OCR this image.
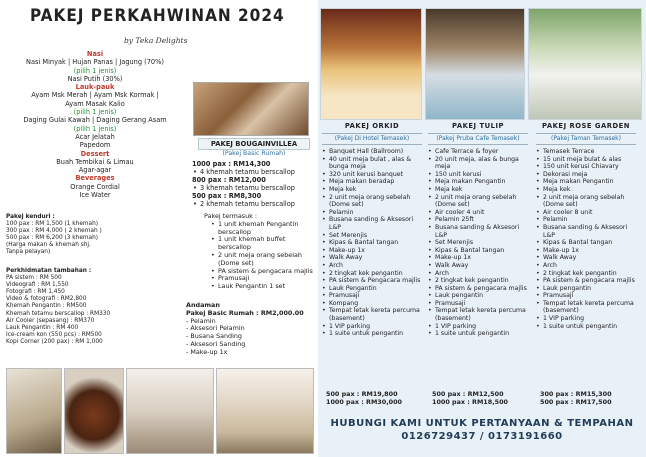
PAKEJ PERKAHWINAN 2024
by Teka Delights
Nasi
Nasi Minyak | Hujan Panas | Jagung (70%)
(pilih 1 jenis)
Nasi Putih (30%)
Lauk-pauk
Ayam Msk Merah | Ayam Msk Kormak |
Ayam Masak Kalio
(pilih 1 jenis)
Daging Gulai Kawah | Daging Gerang Asam
(pilih 1 jenis)
Acar Jelatah
Papedom
Dessert
Buah Tembikai & Limau
Agar-agar
Beverages
Orange Cordial
Ice Water
Pakej kenduri :
100 pax : RM 1,500 (1 khemah)
300 pax : RM 4,000 ( 2 khemah )
500 pax : RM 6,200 (3 khemah)
(Harga makan & khemah shj.
Tanpa pelayan)
Perkhidmatan tambahan :
PA sistem : RM 500
Videografi : RM 1,550
Fotografi : RM 1,450
Video & fotografi : RM2,800
Khemah Pengantin : RM500
Khemah tetamu berscallop : RM330
Air Cooler (sepasang) : RM370
Lauk Pengantin : RM 400
Ice-cream kon (550 pcs) : RM500
Kopi Corner (200 pax) : RM 1,000
PAKEJ BOUGAINVILLEA
(Pakej Basic Rumah)
1000 pax : RM14,300
• 4 khemah tetamu berscallop
800 pax : RM12,000
• 3 khemah tetamu berscallop
500 pax : RM8,300
• 2 khemah tetamu berscallop
Pakej termasuk :
• 1 unit khemah Pengantin berscallop
• 1 unit khemah buffet berscallop
• 2 unit meja orang sebelah (Dome set)
• PA sistem & pengacara majlis
• Pramusaji
• Lauk Pengantin 1 set
Andaman
Pakej Basic Rumah : RM2,000.00
- Pelamin
- Aksesori Pelamin
- Busana Sanding
- Aksesori Sanding
- Make-up 1x
PAKEJ ORKID
(Pakej Di Hotel Temasek)
• Banquet Hall (Ballroom)
• 40 unit meja bulat , alas & bunga meja
• 320 unit kerusi banquet
• Meja makan beradap
• Meja kek
• 2 unit meja orang sebelah (Dome set)
• Pelamin
• Busana sanding & Aksesori L&P
• Set Merenjis
• Kipas & Bantal tangan
• Make-up 1x
• Walk Away
• Arch
• 2 tingkat kek pengantin
• PA sistem & Pengacara majlis
• Lauk Pengantin
• Pramusaji
• Kompang
• Tempat letak kereta percuma (basement)
• 1 VIP parking
• 1 suite untuk pengantin
PAKEJ TULIP
(Pakej Pruba Cafe Temasek)
• Cafe Terrace & foyer
• 20 unit meja, alas & bunga meja
• 150 unit kerusi
• Meja makan Pengantin
• Meja kek
• 2 unit meja orang sebelah (Dome set)
• Air cooler 4 unit
• Pelamin 25ft
• Busana sanding & Aksesori L&P
• Set Merenjis
• Kipas & Bantal tangan
• Make-up 1x
• Walk Away
• Arch
• 2 tingkat kek pengantin
• PA sistem & pengacara majlis
• Lauk pengantin
• Pramusaji
• Tempat letak kereta percuma (basement)
• 1 VIP parking
• 1 suite untuk pengantin
PAKEJ ROSE GARDEN
(Pakej Taman Temasek)
• Temasek Terrace
• 15 unit meja bulat & alas
• 150 unit kerusi Chiavary
• Dekorasi meja
• Meja makan Pengantin
• Meja kek
• 2 unit meja orang sebelah (Dome set)
• Air cooler 8 unit
• Pelamin
• Busana sanding & Aksesori L&P
• Kipas & Bantal tangan
• Make-up 1x
• Walk Away
• Arch
• 2 tingkat kek pengantin
• PA sistem & pengacara majlis
• Lauk pengantin
• Pramusaji
• Tempat letak kereta percuma (basement)
• 1 VIP parking
• 1 suite untuk pengantin
500 pax : RM19,800
1000 pax : RM30,000
500 pax : RM12,500
1000 pax : RM18,500
300 pax : RM15,300
500 pax : RM17,500
HUBUNGI KAMI UNTUK PERTANYAAN & TEMPAHAN
0126729437 / 0173191660
